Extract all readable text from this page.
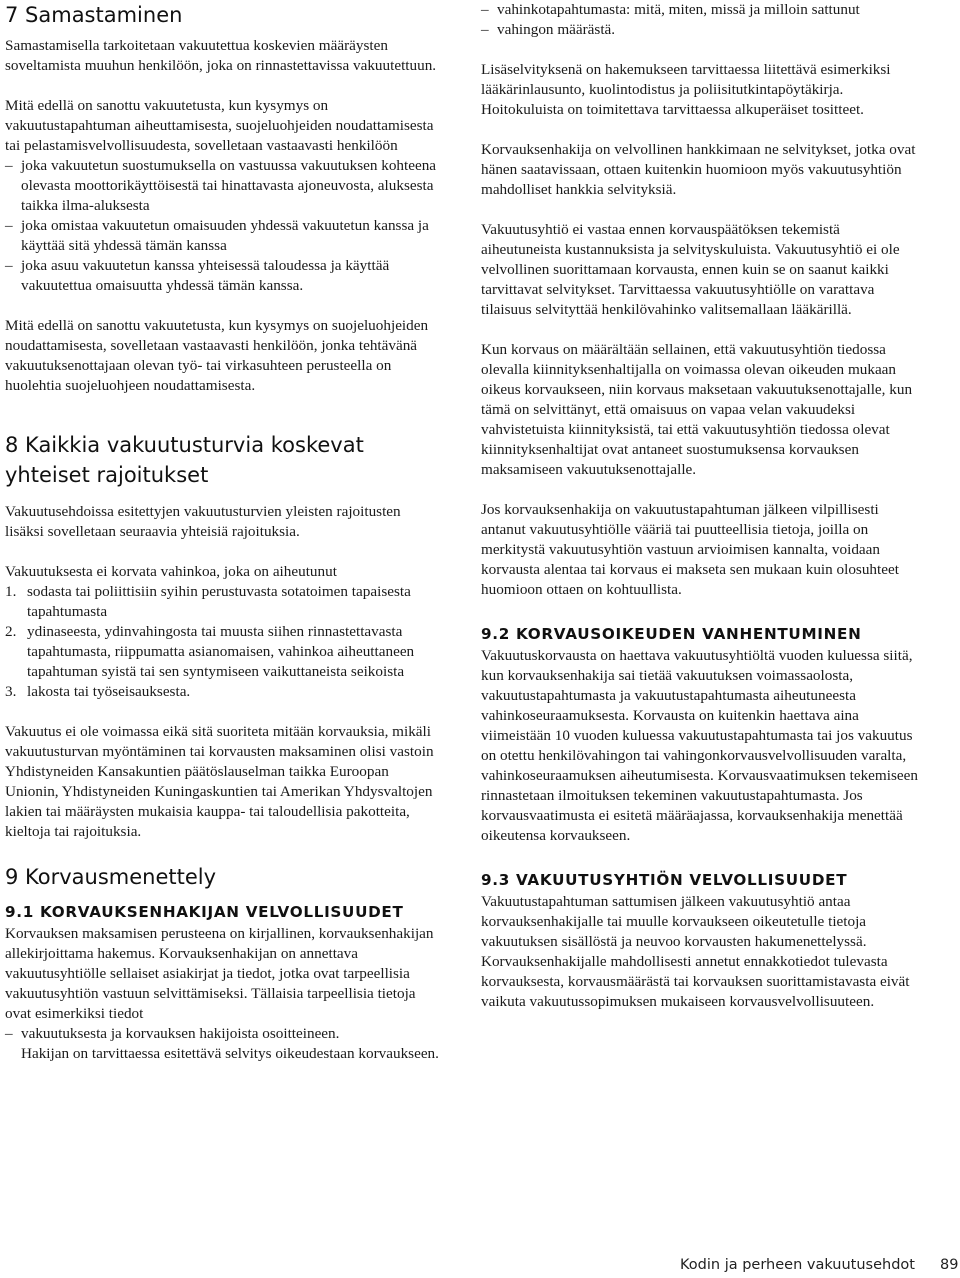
7 Samastaminen

Samastamisella tarkoitetaan vakuutettua koskevien määräysten soveltamista muuhun henkilöön, joka on rinnastettavissa vakuutettuun.

Mitä edellä on sanottu vakuutetusta, kun kysymys on vakuutustapahtuman aiheuttamisesta, suojeluohjeiden noudattamisesta tai pelastamisvelvollisuudesta, sovelletaan vastaavasti henkilöön

– joka vakuutetun suostumuksella on vastuussa vakuutuksen kohteena olevasta moottorikäyttöisestä tai hinattavasta ajoneuvosta, aluksesta taikka ilma-aluksesta

– joka omistaa vakuutetun omaisuuden yhdessä vakuutetun kanssa ja käyttää sitä yhdessä tämän kanssa

– joka asuu vakuutetun kanssa yhteisessä taloudessa ja käyttää vakuutettua omaisuutta yhdessä tämän kanssa.

Mitä edellä on sanottu vakuutetusta, kun kysymys on suojeluohjeiden noudattamisesta, sovelletaan vastaavasti henkilöön, jonka tehtävänä vakuutuksenottajaan olevan työ- tai virkasuhteen perusteella on huolehtia suojeluohjeen noudattamisesta.

8 Kaikkia vakuutusturvia koskevat yhteiset rajoitukset

Vakuutusehdoissa esitettyjen vakuutusturvien yleisten rajoitusten lisäksi sovelletaan seuraavia yhteisiä rajoituksia.

Vakuutuksesta ei korvata vahinkoa, joka on aiheutunut

1. sodasta tai poliittisiin syihin perustuvasta sotatoimen tapaisesta tapahtumasta

2. ydinaseesta, ydinvahingosta tai muusta siihen rinnastettavasta tapahtumasta, riippumatta asianomaisen, vahinkoa aiheuttaneen tapahtuman syistä tai sen syntymiseen vaikuttaneista seikoista

3. lakosta tai työseisauksesta.

Vakuutus ei ole voimassa eikä sitä suoriteta mitään korvauksia, mikäli vakuutusturvan myöntäminen tai korvausten maksaminen olisi vastoin Yhdistyneiden Kansakuntien päätöslauselman taikka Euroopan Unionin, Yhdistyneiden Kuningaskuntien tai Amerikan Yhdysvaltojen lakien tai määräysten mukaisia kauppa- tai taloudellisia pakotteita, kieltoja tai rajoituksia.

9 Korvausmenettely
9.1 KORVAUKSENHAKIJAN VELVOLLISUUDET

Korvauksen maksamisen perusteena on kirjallinen, korvauksenhakijan allekirjoittama hakemus. Korvauksenhakijan on annettava vakuutusyhtiölle sellaiset asiakirjat ja tiedot, jotka ovat tarpeellisia vakuutusyhtiön vastuun selvittämiseksi. Tällaisia tarpeellisia tietoja ovat esimerkiksi tiedot

– vakuutuksesta ja korvauksen hakijoista osoitteineen.

Hakijan on tarvittaessa esitettävä selvitys oikeudestaan korvaukseen.

– vahinkotapahtumasta: mitä, miten, missä ja milloin sattunut

– vahingon määrästä.

Lisäselvityksenä on hakemukseen tarvittaessa liitettävä esimerkiksi lääkärinlausunto, kuolintodistus ja poliisitutkintapöytäkirja. Hoitokuluista on toimitettava tarvittaessa alkuperäiset tositteet.

Korvauksenhakija on velvollinen hankkimaan ne selvitykset, jotka ovat hänen saatavissaan, ottaen kuitenkin huomioon myös vakuutusyhtiön mahdolliset hankkia selvityksiä.

Vakuutusyhtiö ei vastaa ennen korvauspäätöksen tekemistä aiheutuneista kustannuksista ja selvityskuluista. Vakuutusyhtiö ei ole velvollinen suorittamaan korvausta, ennen kuin se on saanut kaikki tarvittavat selvitykset. Tarvittaessa vakuutusyhtiölle on varattava tilaisuus selvityttää henkilövahinko valitsemallaan lääkärillä.

Kun korvaus on määrältään sellainen, että vakuutusyhtiön tiedossa olevalla kiinnityksenhaltijalla on voimassa olevan oikeuden mukaan oikeus korvaukseen, niin korvaus maksetaan vakuutuksenottajalle, kun tämä on selvittänyt, että omaisuus on vapaa velan vakuudeksi vahvistetuista kiinnityksistä, tai että vakuutusyhtiön tiedossa olevat kiinnityksenhaltijat ovat antaneet suostumuksensa korvauksen maksamiseen vakuutuksenottajalle.

Jos korvauksenhakija on vakuutustapahtuman jälkeen vilpillisesti antanut vakuutusyhtiölle vääriä tai puutteellisia tietoja, joilla on merkitystä vakuutusyhtiön vastuun arvioimisen kannalta, voidaan korvausta alentaa tai korvaus ei makseta sen mukaan kuin olosuhteet huomioon ottaen on kohtuullista.

9.2 KORVAUSOIKEUDEN VANHENTUMINEN

Vakuutuskorvausta on haettava vakuutusyhtiöltä vuoden kuluessa siitä, kun korvauksenhakija sai tietää vakuutuksen voimassaolosta, vakuutustapahtumasta ja vakuutustapahtumasta aiheutuneesta vahinkoseuraamuksesta. Korvausta on kuitenkin haettava aina viimeistään 10 vuoden kuluessa vakuutustapahtumasta tai jos vakuutus on otettu henkilövahingon tai vahingonkorvausvelvollisuuden varalta, vahinkoseuraamuksen aiheutumisesta. Korvausvaatimuksen tekemiseen rinnastetaan ilmoituksen tekeminen vakuutustapahtumasta. Jos korvausvaatimusta ei esitetä määräajassa, korvauksenhakija menettää oikeutensa korvaukseen.

9.3 VAKUUTUSYHTIÖN VELVOLLISUUDET

Vakuutustapahtuman sattumisen jälkeen vakuutusyhtiö antaa korvauksenhakijalle tai muulle korvaukseen oikeutetulle tietoja vakuutuksen sisällöstä ja neuvoo korvausten hakumenettelyssä. Korvauksenhakijalle mahdollisesti annetut ennakkotiedot tulevasta korvauksesta, korvausmäärästä tai korvauksen suorittamistavasta eivät vaikuta vakuutussopimuksen mukaiseen korvausvelvollisuuteen.

Kodin ja perheen vakuutusehdot 89
